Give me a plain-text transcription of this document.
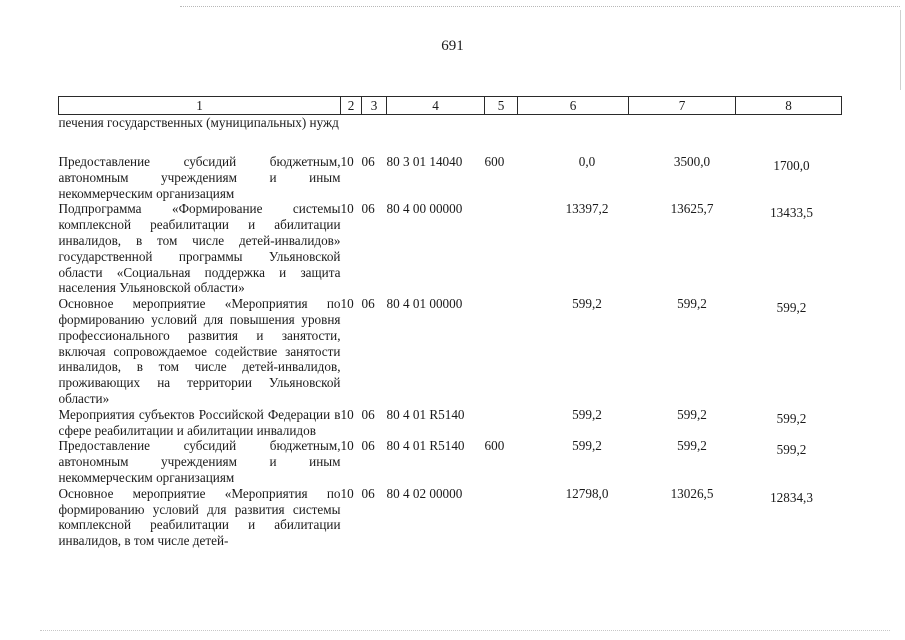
691
1	2	3	4	5	6	7	8
печения государственных (муниципальных) нужд							
Предоставление субсидий бюджетным, автономным учреждениям и иным некоммерческим организациям	10	06	80 3 01 14040	600	0,0	3500,0	1700,0
Подпрограмма «Формирование системы комплексной реабилитации и абилитации инвалидов, в том числе детей-инвалидов» государственной программы Ульяновской области «Социальная поддержка и защита населения Ульяновской области»	10	06	80 4 00 00000		13397,2	13625,7	13433,5
Основное мероприятие «Мероприятия по формированию условий для повышения уровня профессионального развития и занятости, включая сопровождаемое содействие занятости инвалидов, в том числе детей-инвалидов, проживающих на территории Ульяновской области»	10	06	80 4 01 00000		599,2	599,2	599,2
Мероприятия субъектов Российской Федерации в сфере реабилитации и абилитации инвалидов	10	06	80 4 01 R5140		599,2	599,2	599,2
Предоставление субсидий бюджетным, автономным учреждениям и иным некоммерческим организациям	10	06	80 4 01 R5140	600	599,2	599,2	599,2
Основное мероприятие «Мероприятия по формированию условий для развития системы комплексной реабилитации и абилитации инвалидов, в том числе детей-	10	06	80 4 02 00000		12798,0	13026,5	12834,3
